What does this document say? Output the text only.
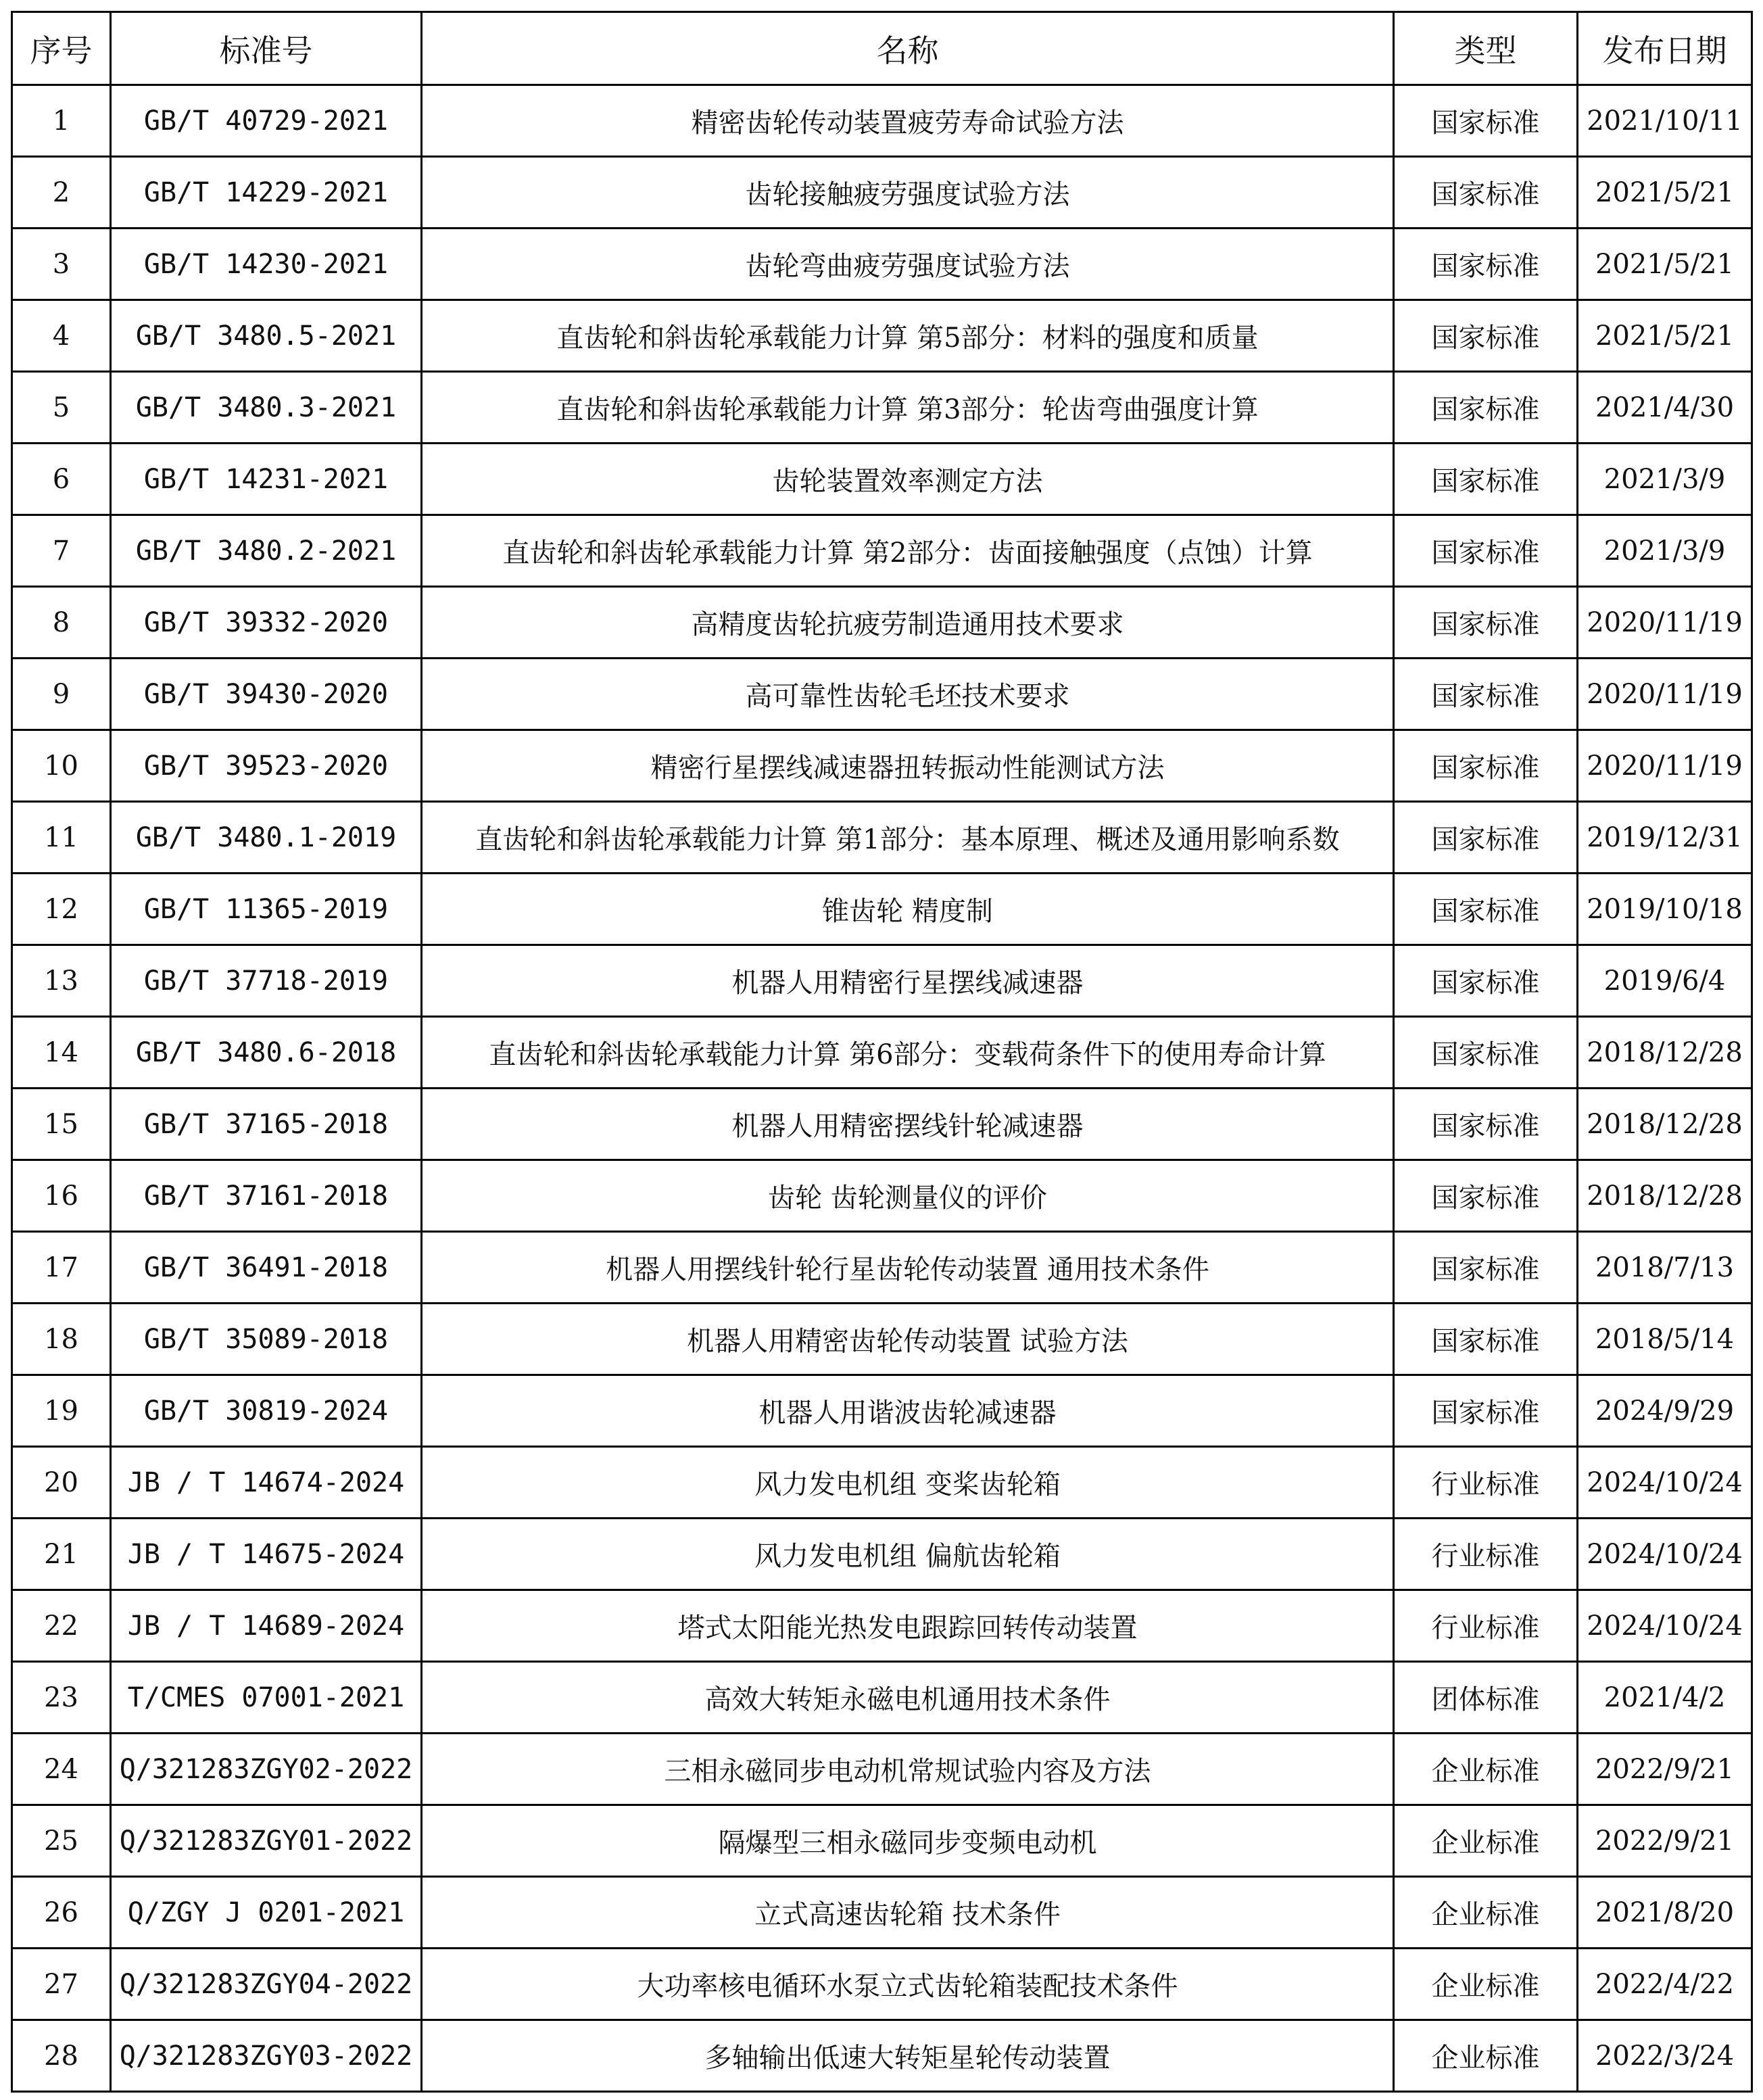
序号	标准号	名称	类型	发布日期
1	GB/T 40729-2021	精密齿轮传动装置疲劳寿命试验方法	国家标准	2021/10/11
2	GB/T 14229-2021	齿轮接触疲劳强度试验方法	国家标准	2021/5/21
3	GB/T 14230-2021	齿轮弯曲疲劳强度试验方法	国家标准	2021/5/21
4	GB/T 3480.5-2021	直齿轮和斜齿轮承载能力计算 第5部分：材料的强度和质量	国家标准	2021/5/21
5	GB/T 3480.3-2021	直齿轮和斜齿轮承载能力计算 第3部分：轮齿弯曲强度计算	国家标准	2021/4/30
6	GB/T 14231-2021	齿轮装置效率测定方法	国家标准	2021/3/9
7	GB/T 3480.2-2021	直齿轮和斜齿轮承载能力计算 第2部分：齿面接触强度（点蚀）计算	国家标准	2021/3/9
8	GB/T 39332-2020	高精度齿轮抗疲劳制造通用技术要求	国家标准	2020/11/19
9	GB/T 39430-2020	高可靠性齿轮毛坯技术要求	国家标准	2020/11/19
10	GB/T 39523-2020	精密行星摆线减速器扭转振动性能测试方法	国家标准	2020/11/19
11	GB/T 3480.1-2019	直齿轮和斜齿轮承载能力计算 第1部分：基本原理、概述及通用影响系数	国家标准	2019/12/31
12	GB/T 11365-2019	锥齿轮 精度制	国家标准	2019/10/18
13	GB/T 37718-2019	机器人用精密行星摆线减速器	国家标准	2019/6/4
14	GB/T 3480.6-2018	直齿轮和斜齿轮承载能力计算 第6部分：变载荷条件下的使用寿命计算	国家标准	2018/12/28
15	GB/T 37165-2018	机器人用精密摆线针轮减速器	国家标准	2018/12/28
16	GB/T 37161-2018	齿轮 齿轮测量仪的评价	国家标准	2018/12/28
17	GB/T 36491-2018	机器人用摆线针轮行星齿轮传动装置 通用技术条件	国家标准	2018/7/13
18	GB/T 35089-2018	机器人用精密齿轮传动装置 试验方法	国家标准	2018/5/14
19	GB/T 30819-2024	机器人用谐波齿轮减速器	国家标准	2024/9/29
20	JB / T 14674-2024	风力发电机组 变桨齿轮箱	行业标准	2024/10/24
21	JB / T 14675-2024	风力发电机组 偏航齿轮箱	行业标准	2024/10/24
22	JB / T 14689-2024	塔式太阳能光热发电跟踪回转传动装置	行业标准	2024/10/24
23	T/CMES 07001-2021	高效大转矩永磁电机通用技术条件	团体标准	2021/4/2
24	Q/321283ZGY02-2022	三相永磁同步电动机常规试验内容及方法	企业标准	2022/9/21
25	Q/321283ZGY01-2022	隔爆型三相永磁同步变频电动机	企业标准	2022/9/21
26	Q/ZGY J 0201-2021	立式高速齿轮箱 技术条件	企业标准	2021/8/20
27	Q/321283ZGY04-2022	大功率核电循环水泵立式齿轮箱装配技术条件	企业标准	2022/4/22
28	Q/321283ZGY03-2022	多轴输出低速大转矩星轮传动装置	企业标准	2022/3/24
